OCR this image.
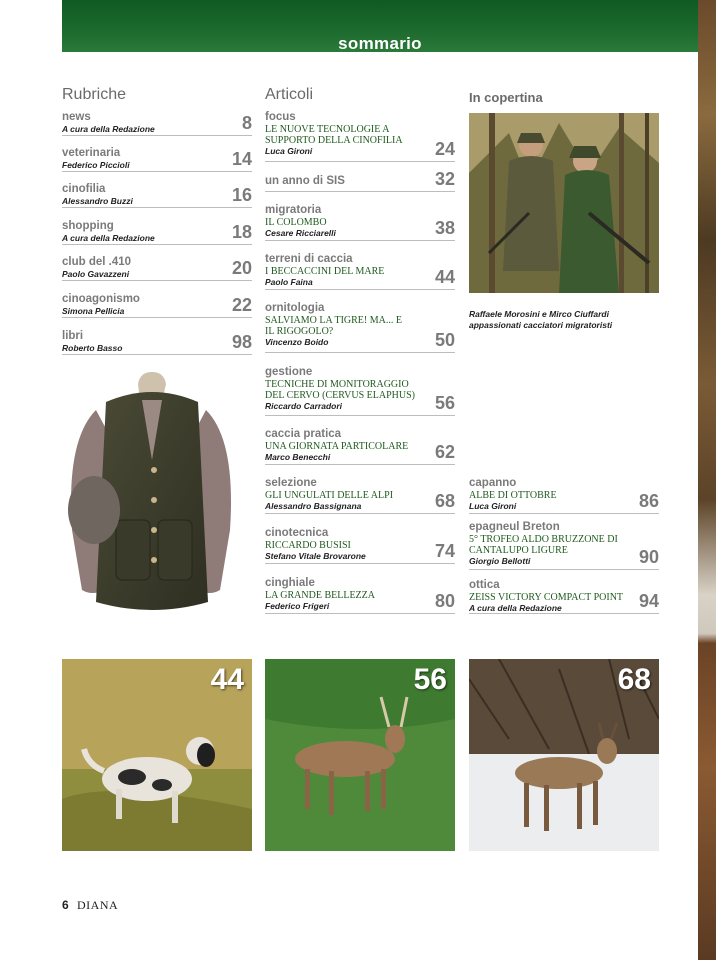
sommario
Rubriche	Articoli	In copertina
news
A cura della Redazione	8
veterinaria
Federico Piccioli	14
cinofilia
Alessandro Buzzi	16
shopping
A cura della Redazione	18
club del .410
Paolo Gavazzeni	20
cinoagonismo
Simona Pellicia	22
libri
Roberto Basso	98
focus
LE NUOVE TECNOLOGIE A SUPPORTO DELLA CINOFILIA
Luca Gironi	24
un anno di SIS	32
migratoria
IL COLOMBO
Cesare Ricciarelli	38
terreni di caccia
I BECCACCINI DEL MARE
Paolo Faina	44
ornitologia
SALVIAMO LA TIGRE! MA... E IL RIGOGOLO?
Vincenzo Boido	50
gestione
TECNICHE DI MONITORAGGIO DEL CERVO (CERVUS ELAPHUS)
Riccardo Carradori	56
caccia pratica
UNA GIORNATA PARTICOLARE
Marco Benecchi	62
selezione
GLI UNGULATI DELLE ALPI
Alessandro Bassignana	68
cinotecnica
RICCARDO BUSISI
Stefano Vitale Brovarone	74
cinghiale
LA GRANDE BELLEZZA
Federico Frigeri	80
Raffaele Morosini e Mirco Ciuffardi
appassionati cacciatori migratoristi
capanno
ALBE DI OTTOBRE
Luca Gironi	86
epagneul Breton
5° TROFEO ALDO BRUZZONE DI CANTALUPO LIGURE
Giorgio Bellotti	90
ottica
ZEISS VICTORY COMPACT POINT
A cura della Redazione	94
44	56	68
6 DIANA
